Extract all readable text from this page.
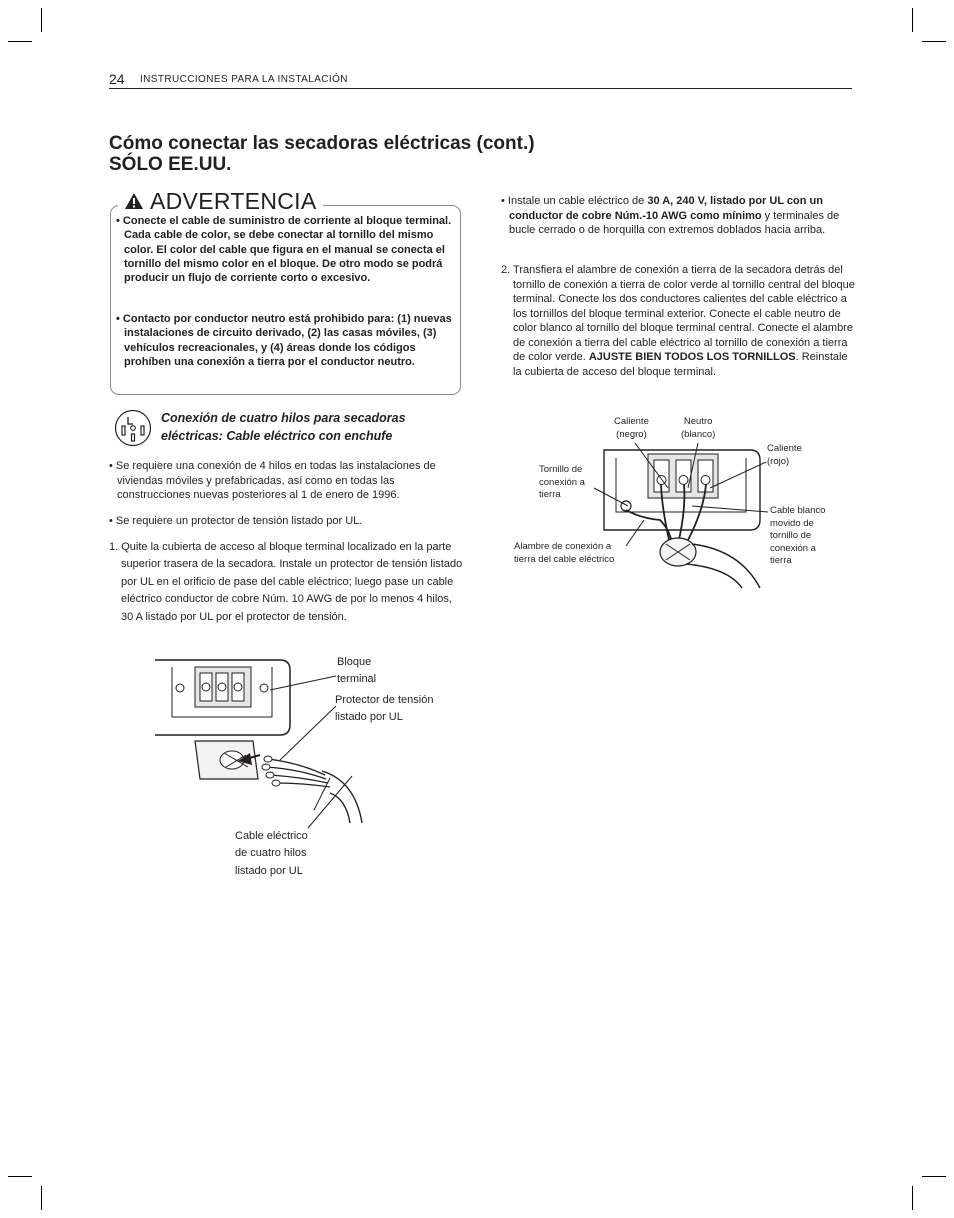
24 INSTRUCCIONES PARA LA INSTALACIÓN
Cómo conectar las secadoras eléctricas (cont.)
SÓLO EE.UU.
ADVERTENCIA
• Conecte el cable de suministro de corriente al bloque terminal. Cada cable de color, se debe conectar al tornillo del mismo color. El color del cable que figura en el manual se conecta el tornillo del mismo color en el bloque. De otro modo se podrá producir un flujo de corriente corto o excesivo.
• Contacto por conductor neutro está prohibido para: (1) nuevas instalaciones de circuito derivado, (2) las casas móviles, (3) vehículos recreacionales, y (4) áreas donde los códigos prohíben una conexión a tierra por el conductor neutro.
Conexión de cuatro hilos para secadoras eléctricas: Cable eléctrico con enchufe
• Se requiere una conexión de 4 hilos en todas las instalaciones de viviendas móviles y prefabricadas, así como en todas las construcciones nuevas posteriores al 1 de enero de 1996.
• Se requiere un protector de tensión listado por UL.
1. Quite la cubierta de acceso al bloque terminal localizado en la parte superior trasera de la secadora. Instale un protector de tensión listado por UL en el orificio de pase del cable eléctrico; luego pase un cable eléctrico conductor de cobre Núm. 10 AWG de por lo menos 4 hilos, 30 A listado por UL por el protector de tensión.
• Instale un cable eléctrico de 30 A, 240 V, listado por UL con un conductor de cobre Núm.-10 AWG como mínimo y terminales de bucle cerrado o de horquilla con extremos doblados hacia arriba.
2. Transfiera el alambre de conexión a tierra de la secadora detrás del tornillo de conexión a tierra de color verde al tornillo central del bloque terminal. Conecte los dos conductores calientes del cable eléctrico a los tornillos del bloque terminal exterior. Conecte el cable neutro de color blanco al tornillo del bloque terminal central. Conecte el alambre de conexión a tierra del cable eléctrico al tornillo de conexión a tierra de color verde. AJUSTE BIEN TODOS LOS TORNILLOS. Reinstale la cubierta de acceso del bloque terminal.
Bloque
terminal
Protector de tensión
listado por UL
Cable eléctrico
de cuatro hilos
listado por UL
Caliente
(negro)
Neutro
(blanco)
Caliente
(rojo)
Tornillo de
conexión a
tierra
Cable blanco
movido de
tornillo de
conexión a
tierra
Alambre de conexión a
tierra del cable eléctrico
